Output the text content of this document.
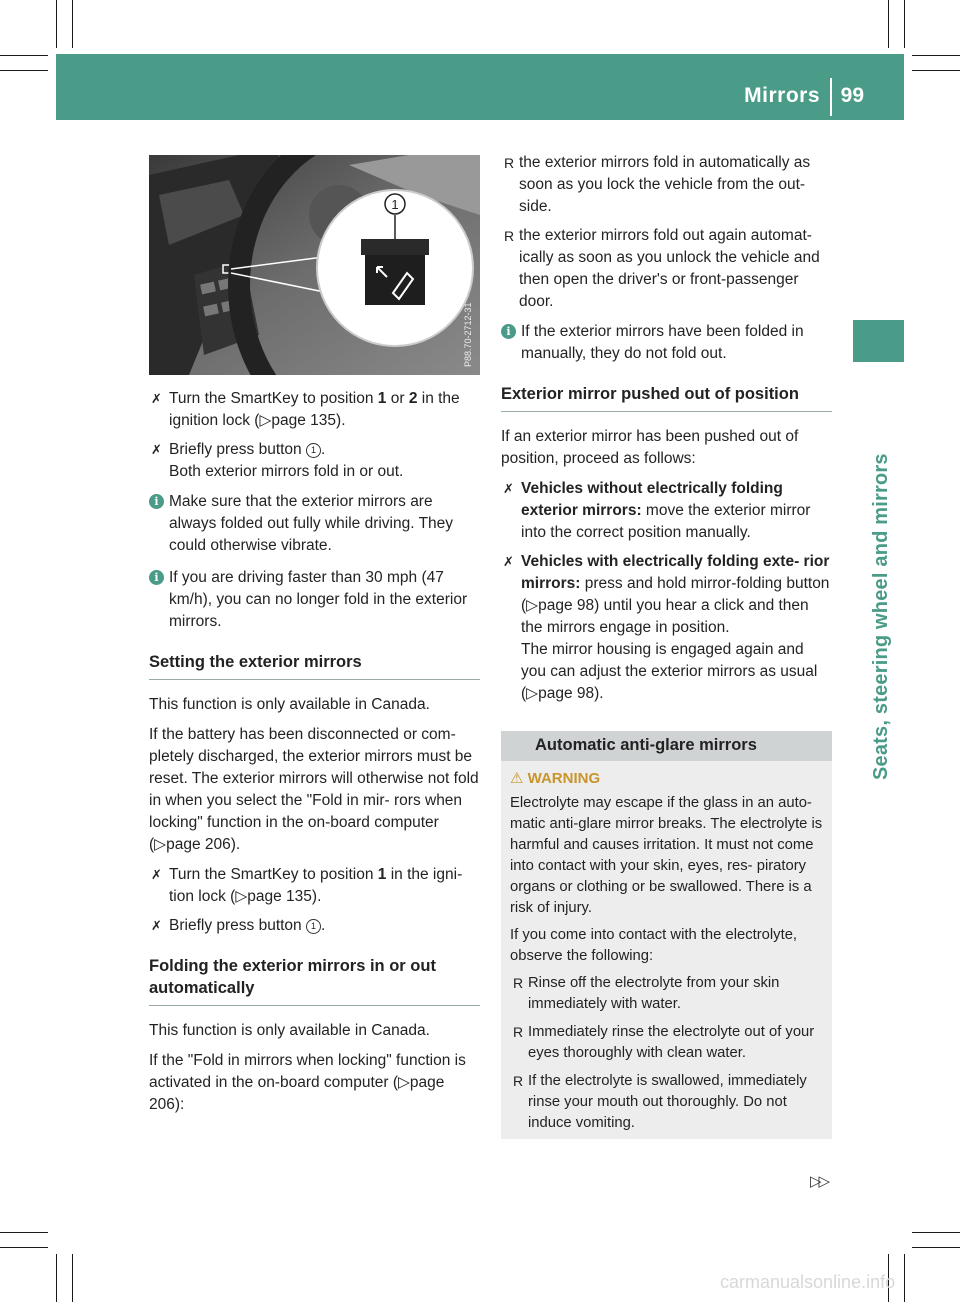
Mirrors 99
Seats, steering wheel and mirrors
1
P88.70-2712-31
✗ Turn the SmartKey to position 1 or 2 in the ignition lock (▷page 135).
✗ Briefly press button 1 .
Both exterior mirrors fold in or out.
i Make sure that the exterior mirrors are always folded out fully while driving. They could otherwise vibrate.
i If you are driving faster than 30 mph (47 km/h), you can no longer fold in the exterior mirrors.
Setting the exterior mirrors

This function is only available in Canada.

If the battery has been disconnected or com‐ pletely discharged, the exterior mirrors must be reset. The exterior mirrors will otherwise not fold in when you select the "Fold in mir‐ rors when locking" function in the on-board computer (▷page 206).

✗ Turn the SmartKey to position 1 in the igni‐ tion lock (▷page 135).
✗ Briefly press button 1 .
Folding the exterior mirrors in or out automatically

This function is only available in Canada.

If the "Fold in mirrors when locking" function is activated in the on-board computer (▷page 206):

R the exterior mirrors fold in automatically as soon as you lock the vehicle from the out‐ side.
R the exterior mirrors fold out again automat‐ ically as soon as you unlock the vehicle and then open the driver's or front-passenger door.
i If the exterior mirrors have been folded in manually, they do not fold out.
Exterior mirror pushed out of position

If an exterior mirror has been pushed out of position, proceed as follows:

✗ Vehicles without electrically folding exterior mirrors: move the exterior mirror into the correct position manually.
✗ Vehicles with electrically folding exte‐ rior mirrors: press and hold mirror-folding button (▷page 98) until you hear a click and then the mirrors engage in position.
The mirror housing is engaged again and you can adjust the exterior mirrors as usual (▷page 98).
Automatic anti-glare mirrors
⚠ WARNING

Electrolyte may escape if the glass in an auto‐ matic anti-glare mirror breaks. The electrolyte is harmful and causes irritation. It must not come into contact with your skin, eyes, res‐ piratory organs or clothing or be swallowed. There is a risk of injury.

If you come into contact with the electrolyte, observe the following:

R Rinse off the electrolyte from your skin immediately with water.
R Immediately rinse the electrolyte out of your eyes thoroughly with clean water.
R If the electrolyte is swallowed, immediately rinse your mouth out thoroughly. Do not induce vomiting.
▷▷
carmanualsonline.info
